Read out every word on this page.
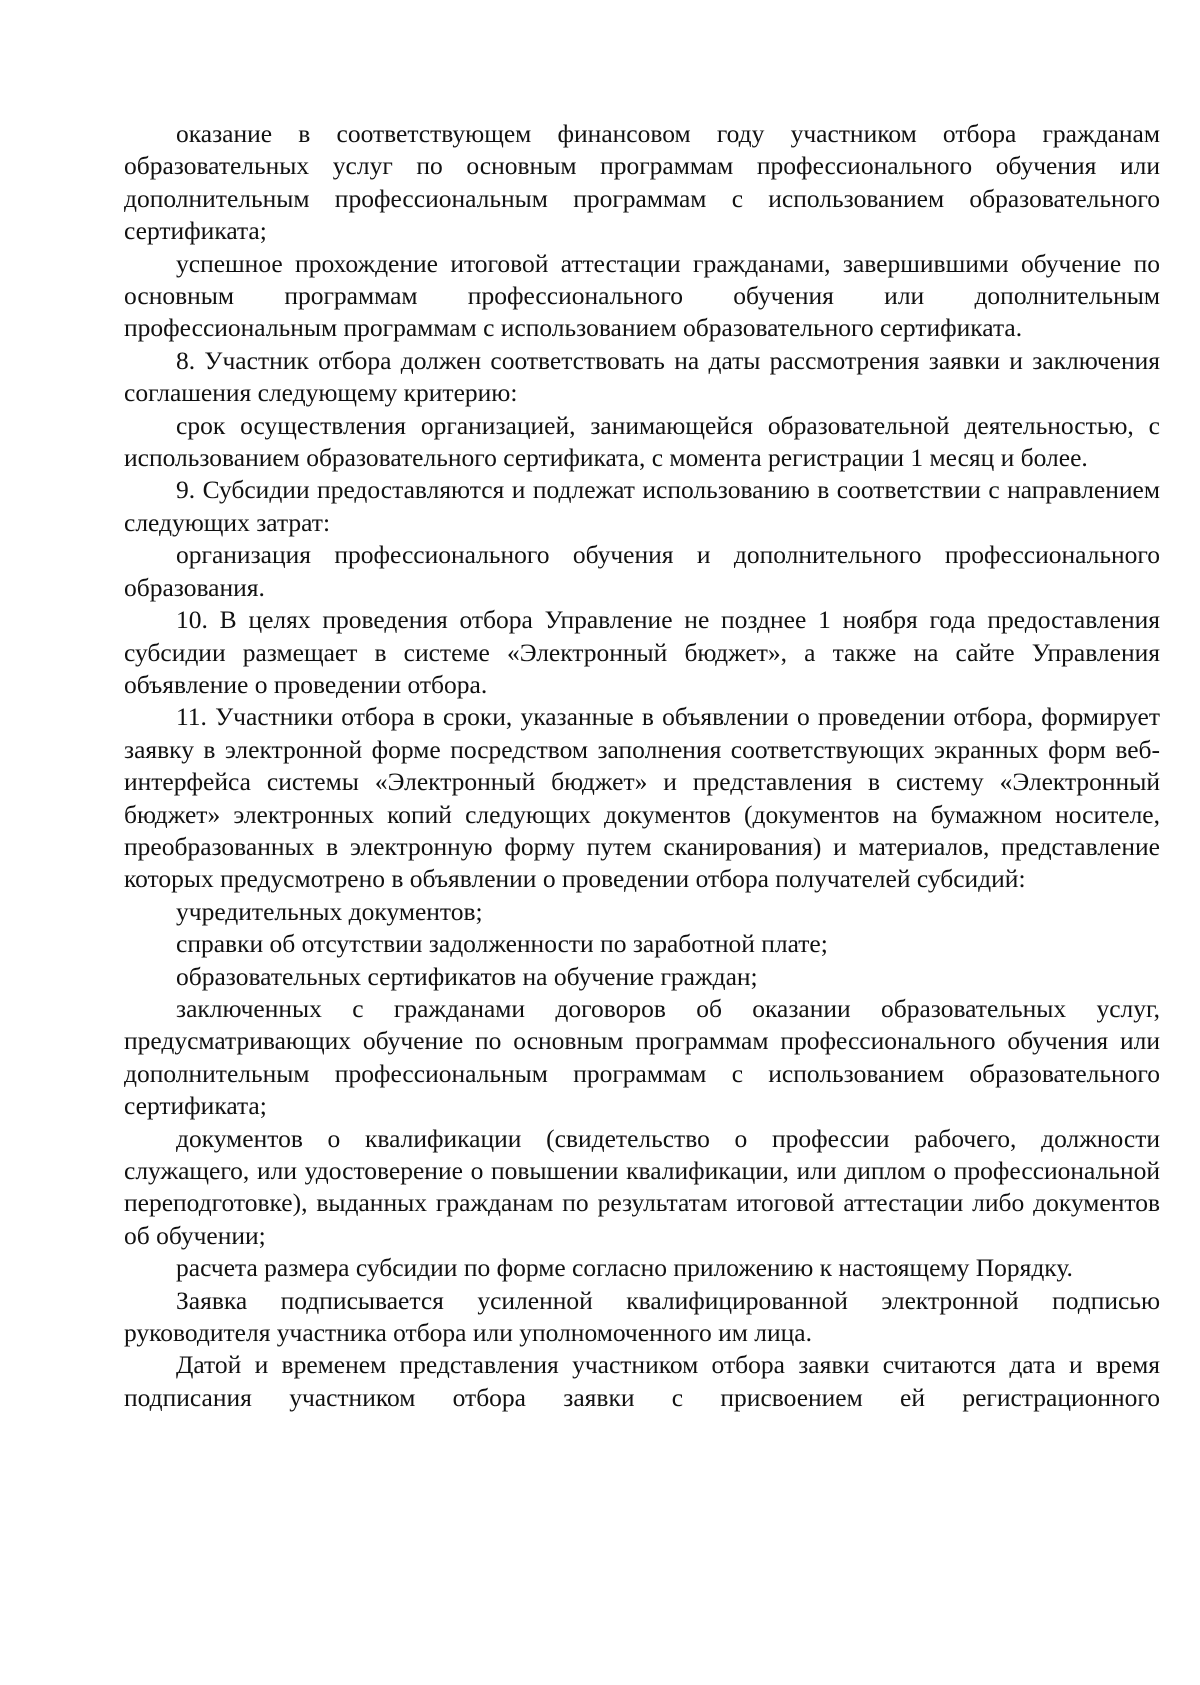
оказание в соответствующем финансовом году участником отбора гражданам образовательных услуг по основным программам профессионального обучения или дополнительным профессиональным программам с использованием образовательного сертификата;

успешное прохождение итоговой аттестации гражданами, завершившими обучение по основным программам профессионального обучения или дополнительным профессиональным программам с использованием образовательного сертификата.

8. Участник отбора должен соответствовать на даты рассмотрения заявки и заключения соглашения следующему критерию:

срок осуществления организацией, занимающейся образовательной деятельностью, с использованием образовательного сертификата, с момента регистрации 1 месяц и более.

9. Субсидии предоставляются и подлежат использованию в соответствии с направлением следующих затрат:

организация профессионального обучения и дополнительного профессионального образования.

10. В целях проведения отбора Управление не позднее 1 ноября года предоставления субсидии размещает в системе «Электронный бюджет», а также на сайте Управления объявление о проведении отбора.

11. Участники отбора в сроки, указанные в объявлении о проведении отбора, формирует заявку в электронной форме посредством заполнения соответствующих экранных форм веб-интерфейса системы «Электронный бюджет» и представления в систему «Электронный бюджет» электронных копий следующих документов (документов на бумажном носителе, преобразованных в электронную форму путем сканирования) и материалов, представление которых предусмотрено в объявлении о проведении отбора получателей субсидий:

учредительных документов;

справки об отсутствии задолженности по заработной плате;

образовательных сертификатов на обучение граждан;

заключенных с гражданами договоров об оказании образовательных услуг, предусматривающих обучение по основным программам профессионального обучения или дополнительным профессиональным программам с использованием образовательного сертификата;

документов о квалификации (свидетельство о профессии рабочего, должности служащего, или удостоверение о повышении квалификации, или диплом о профессиональной переподготовке), выданных гражданам по результатам итоговой аттестации либо документов об обучении;

расчета размера субсидии по форме согласно приложению к настоящему Порядку.

Заявка подписывается усиленной квалифицированной электронной подписью руководителя участника отбора или уполномоченного им лица.

Датой и временем представления участником отбора заявки считаются дата и время подписания участником отбора заявки с присвоением ей регистрационного
